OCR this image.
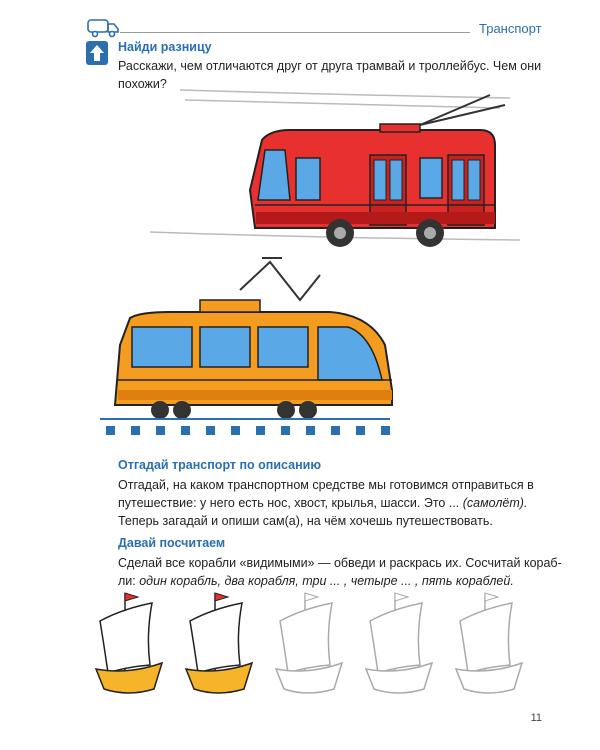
Транспорт
Найди разницу
Расскажи, чем отличаются друг от друга трамвай и троллейбус. Чем они
похожи?
Отгадай транспорт по описанию
Отгадай, на каком транспортном средстве мы готовимся отправиться в
путешествие: у него есть нос, хвост, крылья, шасси. Это ... (самолёт).
Теперь загадай и опиши сам(а), на чём хочешь путешествовать.
Давай посчитаем
Сделай все корабли «видимыми» — обведи и раскрась их. Сосчитай кораб-
ли: один корабль, два корабля, три ... , четыре ... , пять кораблей.
11
